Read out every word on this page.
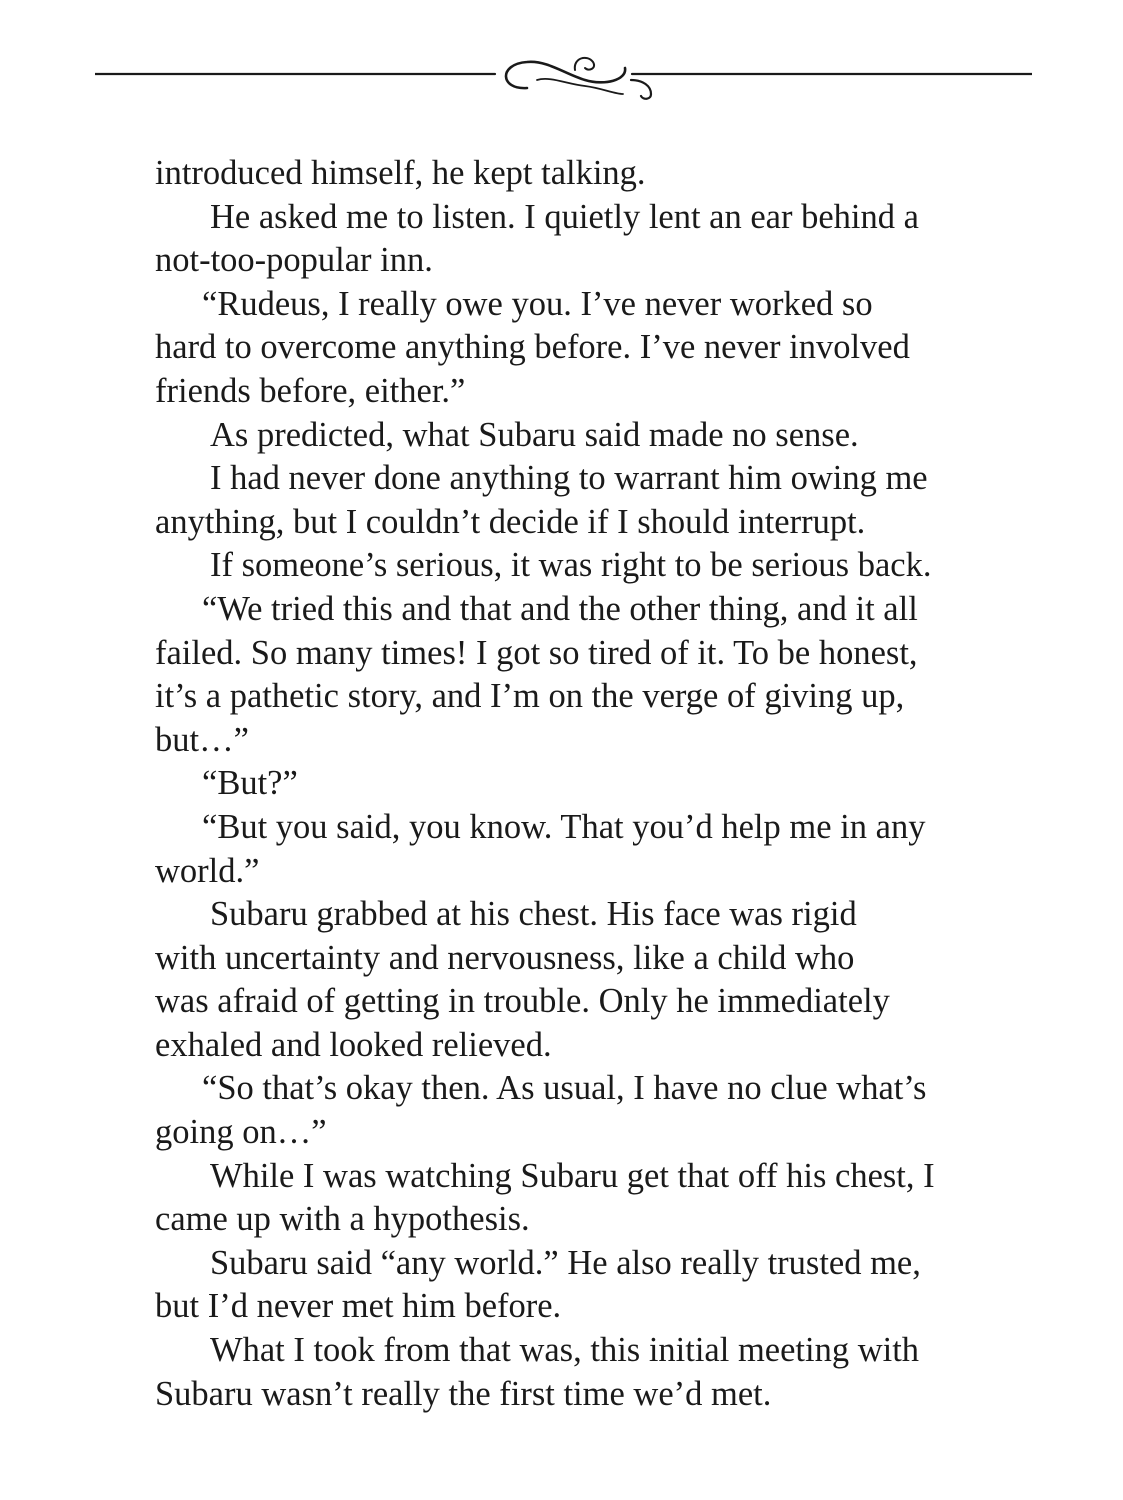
introduced himself, he kept talking.
He asked me to listen. I quietly lent an ear behind a
not-too-popular inn.
“Rudeus, I really owe you. I’ve never worked so
hard to overcome anything before. I’ve never involved
friends before, either.”
As predicted, what Subaru said made no sense.
I had never done anything to warrant him owing me
anything, but I couldn’t decide if I should interrupt.
If someone’s serious, it was right to be serious back.
“We tried this and that and the other thing, and it all
failed. So many times! I got so tired of it. To be honest,
it’s a pathetic story, and I’m on the verge of giving up,
but…”
“But?”
“But you said, you know. That you’d help me in any
world.”
Subaru grabbed at his chest. His face was rigid
with uncertainty and nervousness, like a child who
was afraid of getting in trouble. Only he immediately
exhaled and looked relieved.
“So that’s okay then. As usual, I have no clue what’s
going on…”
While I was watching Subaru get that off his chest, I
came up with a hypothesis.
Subaru said “any world.” He also really trusted me,
but I’d never met him before.
What I took from that was, this initial meeting with
Subaru wasn’t really the first time we’d met.
